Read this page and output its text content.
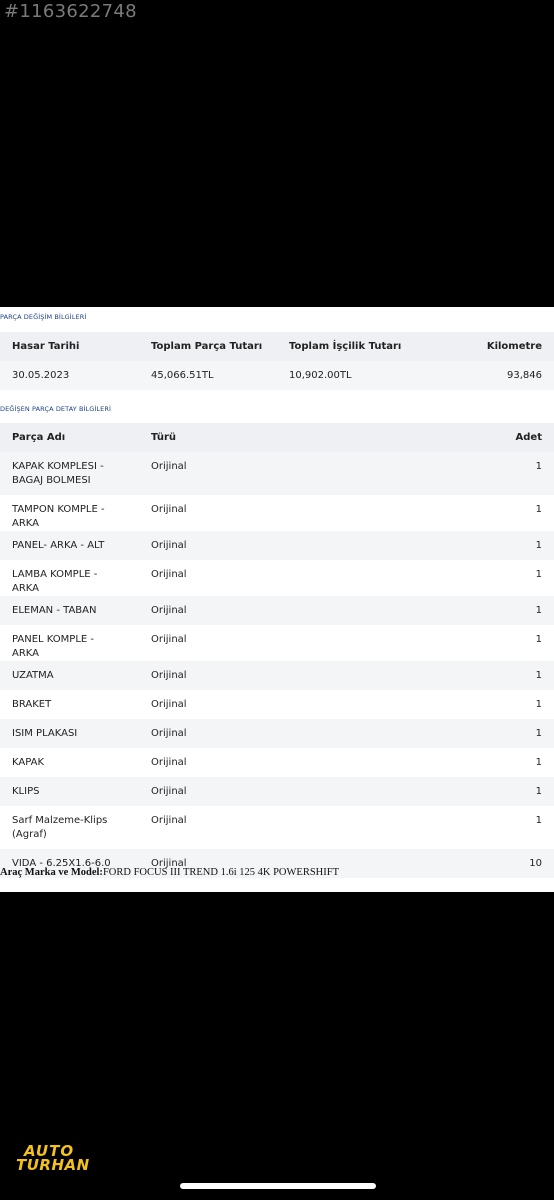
#1163622748
PARÇA DEĞİŞİM BİLGİLERİ
Hasar Tarihi	Toplam Parça Tutarı	Toplam İşçilik Tutarı	Kilometre
30.05.2023	45,066.51TL	10,902.00TL	93,846
DEĞİŞEN PARÇA DETAY BİLGİLERİ
Parça Adı	Türü	Adet
KAPAK KOMPLESI - BAGAJ BOLMESI	Orijinal	1
TAMPON KOMPLE - ARKA	Orijinal	1
PANEL- ARKA - ALT	Orijinal	1
LAMBA KOMPLE - ARKA	Orijinal	1
ELEMAN - TABAN	Orijinal	1
PANEL KOMPLE - ARKA	Orijinal	1
UZATMA	Orijinal	1
BRAKET	Orijinal	1
ISIM PLAKASI	Orijinal	1
KAPAK	Orijinal	1
KLIPS	Orijinal	1
Sarf Malzeme-Klips (Agraf)	Orijinal	1
VIDA - 6.25X1.6-6.0	Orijinal	10
Araç Marka ve Model:FORD FOCUS III TREND 1.6i 125 4K POWERSHIFT
AUTO
TURHAN
